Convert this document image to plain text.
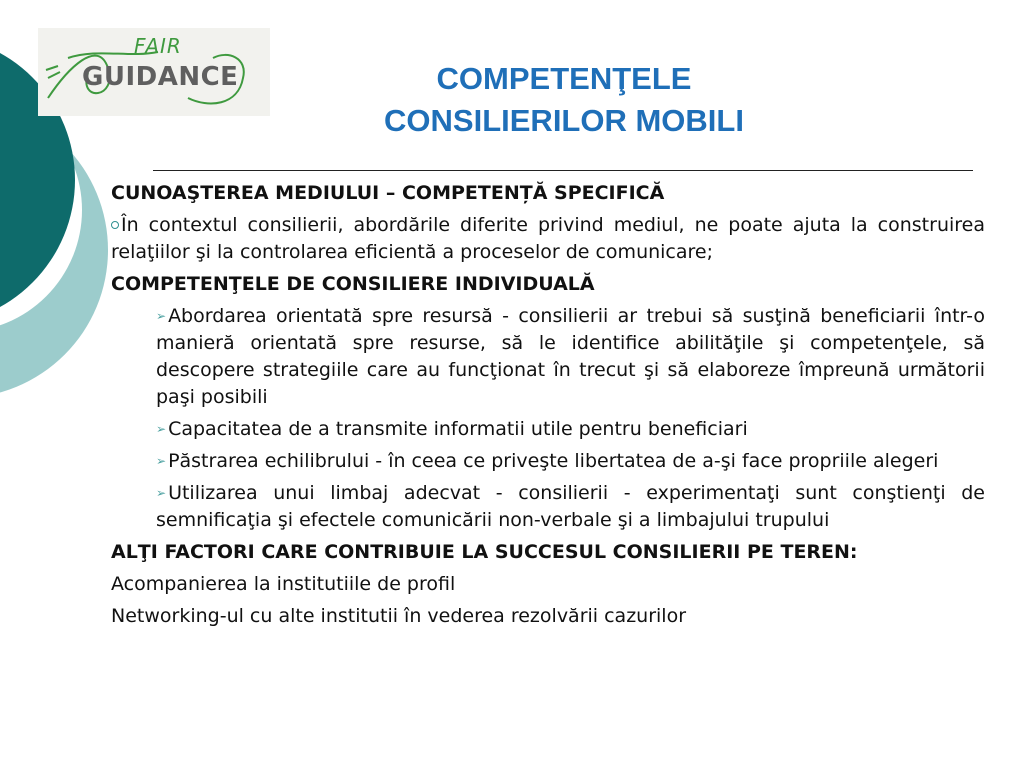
FAIR
GUIDANCE	COMPETENŢELE
CONSILIERILOR MOBILI

CUNOAŞTEREA MEDIULUI – COMPETENȚĂ SPECIFICĂ

În contextul consilierii, abordările diferite privind mediul, ne poate ajuta la construirea relaţiilor şi la controlarea eficientă a proceselor de comunicare;

COMPETENŢELE DE CONSILIERE INDIVIDUALĂ

➢ Abordarea orientată spre resursă - consilierii ar trebui să susţină beneficiarii într-o manieră orientată spre resurse, să le identifice abilităţile şi competenţele, să descopere strategiile care au funcţionat în trecut şi să elaboreze împreună următorii paşi posibili

➢ Capacitatea de a transmite informatii utile pentru beneficiari

➢ Păstrarea echilibrului - în ceea ce priveşte libertatea de a-şi face propriile alegeri

➢ Utilizarea unui limbaj adecvat - consilierii - experimentaţi sunt conştienţi de semnificaţia şi efectele comunicării non-verbale şi a limbajului trupului

ALŢI FACTORI CARE CONTRIBUIE LA SUCCESUL CONSILIERII PE TEREN:

Acompanierea la institutiile de profil

Networking-ul cu alte institutii în vederea rezolvării cazurilor
